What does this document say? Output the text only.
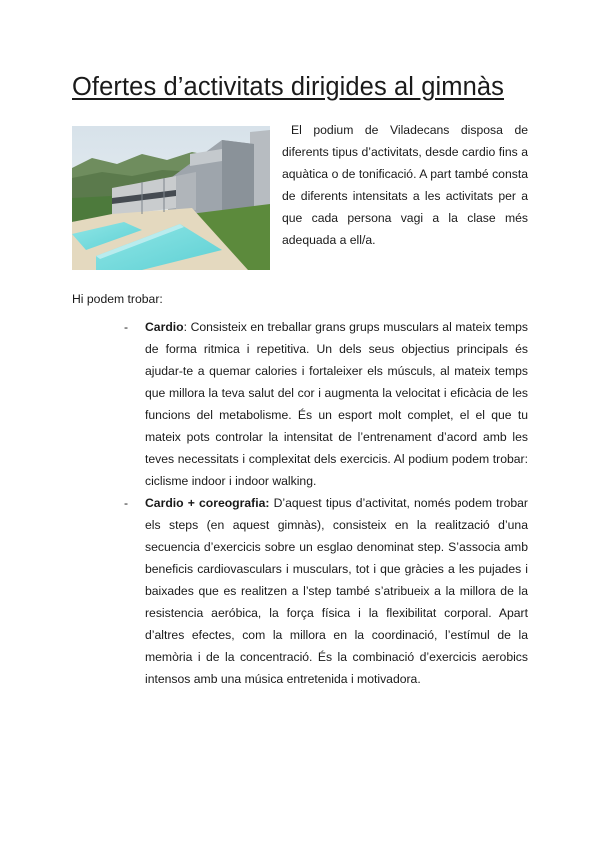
Ofertes d’activitats dirigides al gimnàs

El podium de Viladecans disposa de diferents tipus d’activitats, desde cardio fins a aquàtica o de tonificació. A part també consta de diferents intensitats a les activitats per a que cada persona vagi a la clase més adequada a ell/a.

Hi podem trobar:

- Cardio: Consisteix en treballar grans grups musculars al mateix temps de forma ritmica i repetitiva. Un dels seus objectius principals és ajudar-te a quemar calories i fortaleixer els músculs, al mateix temps que millora la teva salut del cor i augmenta la velocitat i eficàcia de les funcions del metabolisme. És un esport molt complet, el el que tu mateix pots controlar la intensitat de l’entrenament d’acord amb les teves necessitats i complexitat dels exercicis. Al podium podem trobar: ciclisme indoor i indoor walking.
- Cardio + coreografia: D’aquest tipus d’activitat, només podem trobar els steps (en aquest gimnàs), consisteix en la realització d’una secuencia d’exercicis sobre un esglao denominat step. S’associa amb beneficis cardiovasculars i musculars, tot i que gràcies a les pujades i baixades que es realitzen a l’step també s’atribueix a la millora de la resistencia aeróbica, la força física i la flexibilitat corporal. Apart d’altres efectes, com la millora en la coordinació, l’estímul de la memòria i de la concentració. És la combinació d’exercicis aerobics intensos amb una música entretenida i motivadora.
